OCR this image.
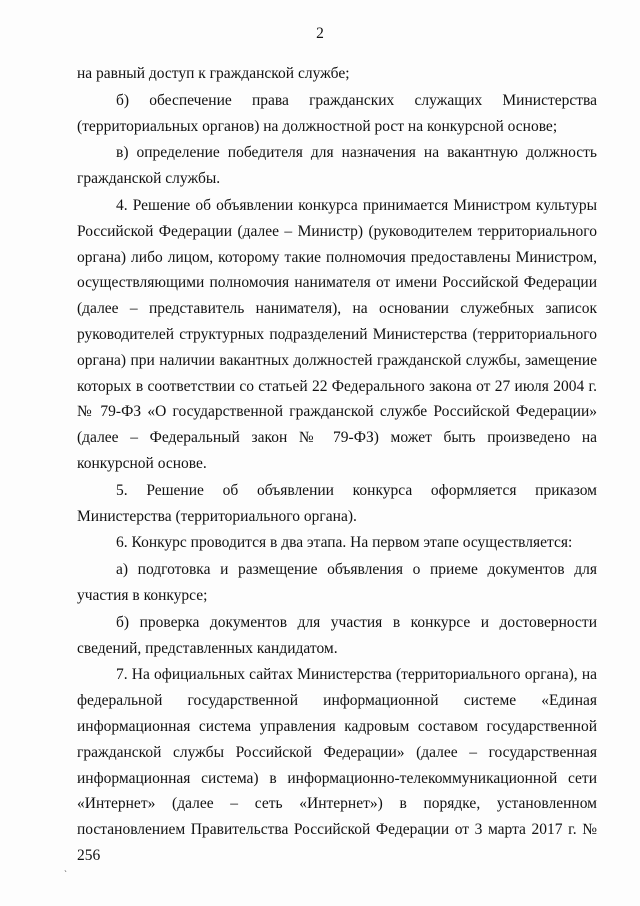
2

на равный доступ к гражданской службе;

б) обеспечение права гражданских служащих Министерства (территориальных органов) на должностной рост на конкурсной основе;

в) определение победителя для назначения на вакантную должность гражданской службы.

4. Решение об объявлении конкурса принимается Министром культуры Российской Федерации (далее – Министр) (руководителем территориального органа) либо лицом, которому такие полномочия предоставлены Министром, осуществляющими полномочия нанимателя от имени Российской Федерации (далее – представитель нанимателя), на основании служебных записок руководителей структурных подразделений Министерства (территориального органа) при наличии вакантных должностей гражданской службы, замещение которых в соответствии со статьей 22 Федерального закона от 27 июля 2004 г. № 79-ФЗ «О государственной гражданской службе Российской Федерации» (далее – Федеральный закон № 79-ФЗ) может быть произведено на конкурсной основе.

5. Решение об объявлении конкурса оформляется приказом Министерства (территориального органа).

6. Конкурс проводится в два этапа. На первом этапе осуществляется:

а) подготовка и размещение объявления о приеме документов для участия в конкурсе;

б) проверка документов для участия в конкурсе и достоверности сведений, представленных кандидатом.

7. На официальных сайтах Министерства (территориального органа), на федеральной государственной информационной системе «Единая информационная система управления кадровым составом государственной гражданской службы Российской Федерации» (далее – государственная информационная система) в информационно-телекоммуникационной сети «Интернет» (далее – сеть «Интернет») в порядке, установленном постановлением Правительства Российской Федерации от 3 марта 2017 г. № 256

`
